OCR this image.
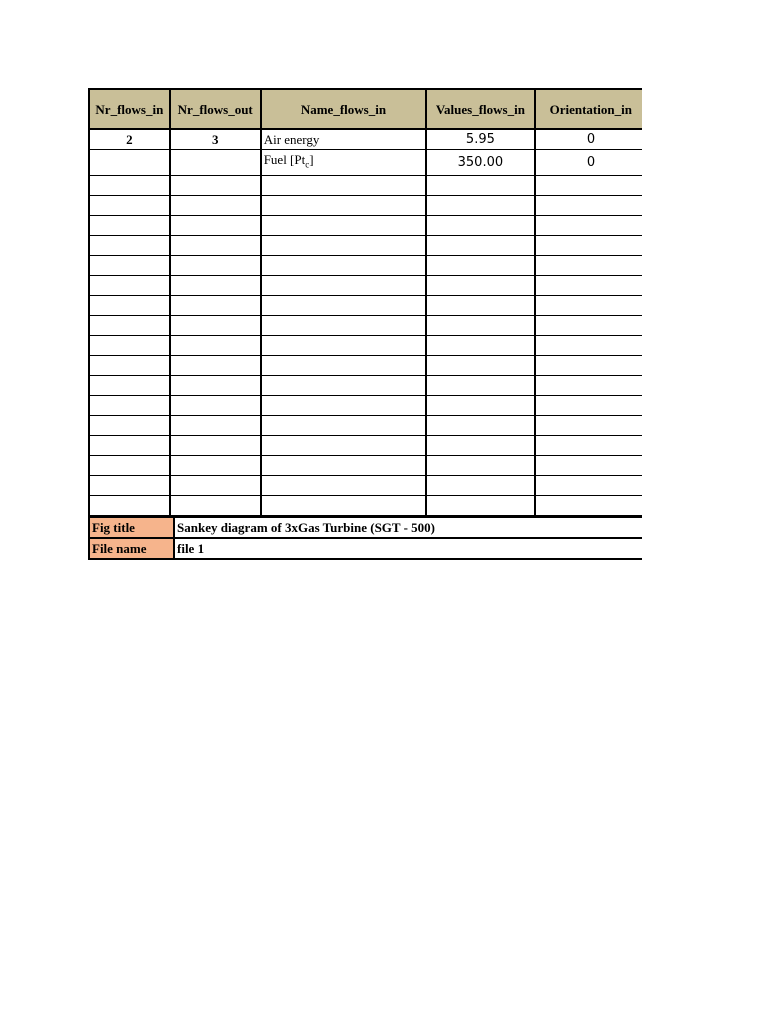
Nr_flows_in	Nr_flows_out	Name_flows_in	Values_flows_in	Orientation_in
2	3	Air energy	5.95	0
		Fuel $[Pt_c]$	350.00	0

Fig title	Sankey diagram of 3xGas Turbine (SGT - 500)
File name	file 1
